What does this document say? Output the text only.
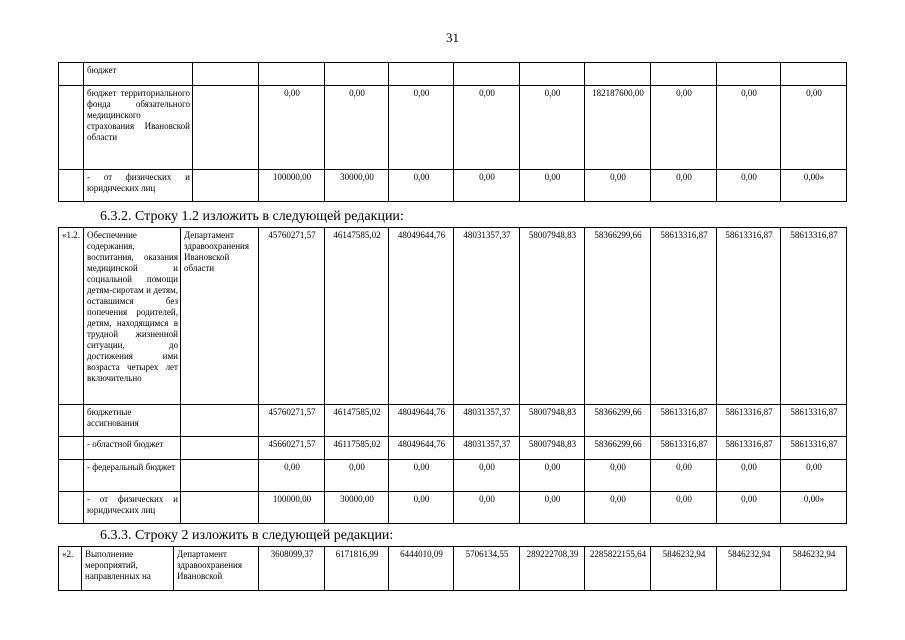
31
	бюджет										
	бюджет территориального фонда обязательного медицинского страхования Ивановской области		0,00	0,00	0,00	0,00	0,00	182187600,00	0,00	0,00	0,00
	- от физических и юридических лиц		100000,00	30000,00	0,00	0,00	0,00	0,00	0,00	0,00	0,00»
6.3.2. Строку 1.2 изложить в следующей редакции:
«1.2.	Обеспечение содержания, воспитания, оказания медицинской и социальной помощи детям-сиротам и детям, оставшимся без попечения родителей, детям, находящимся в трудной жизненной ситуации, до достижения ими возраста четырех лет включительно	Департамент здравоохранения Ивановской области	45760271,57	46147585,02	48049644,76	48031357,37	58007948,83	58366299,66	58613316,87	58613316,87	58613316,87
	бюджетные ассигнования		45760271,57	46147585,02	48049644,76	48031357,37	58007948,83	58366299,66	58613316,87	58613316,87	58613316,87
	- областной бюджет		45660271,57	46117585,02	48049644,76	48031357,37	58007948,83	58366299,66	58613316,87	58613316,87	58613316,87
	- федеральный бюджет		0,00	0,00	0,00	0,00	0,00	0,00	0,00	0,00	0,00
	- от физических и юридических лиц		100000,00	30000,00	0,00	0,00	0,00	0,00	0,00	0,00	0,00»
6.3.3. Строку 2 изложить в следующей редакции:
«2.	Выполнение мероприятий, направленных на	Департамент здравоохранения Ивановской	3608099,37	6171816,99	6444010,09	5706134,55	289222708,39	2285822155,64	5846232,94	5846232,94	5846232,94
